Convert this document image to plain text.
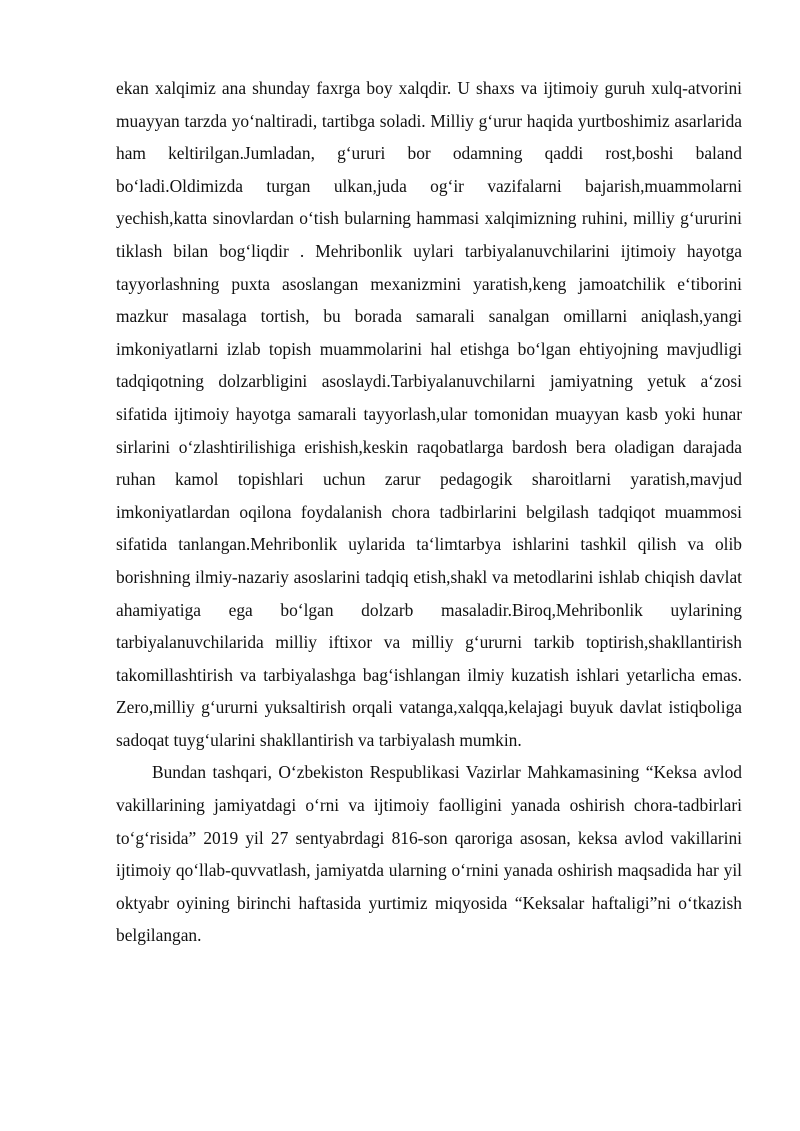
ekan xalqimiz ana shunday faxrga boy xalqdir. U shaxs va ijtimoiy guruh xulq-atvorini muayyan tarzda yo‘naltiradi, tartibga soladi. Milliy g‘urur haqida yurtboshimiz asarlarida ham keltirilgan.Jumladan, g‘ururi bor odamning qaddi rost,boshi baland bo‘ladi.Oldimizda turgan ulkan,juda og‘ir vazifalarni bajarish,muammolarni yechish,katta sinovlardan o‘tish bularning hammasi xalqimizning ruhini, milliy g‘ururini tiklash bilan bog‘liqdir . Mehribonlik uylari tarbiyalanuvchilarini ijtimoiy hayotga tayyorlashning puxta asoslangan mexanizmini yaratish,keng jamoatchilik e‘tiborini mazkur masalaga tortish, bu borada samarali sanalgan omillarni aniqlash,yangi imkoniyatlarni izlab topish muammolarini hal etishga bo‘lgan ehtiyojning mavjudligi tadqiqotning dolzarbligini asoslaydi.Tarbiyalanuvchilarni jamiyatning yetuk a‘zosi sifatida ijtimoiy hayotga samarali tayyorlash,ular tomonidan muayyan kasb yoki hunar sirlarini o‘zlashtirilishiga erishish,keskin raqobatlarga bardosh bera oladigan darajada ruhan kamol topishlari uchun zarur pedagogik sharoitlarni yaratish,mavjud imkoniyatlardan oqilona foydalanish chora tadbirlarini belgilash tadqiqot muammosi sifatida tanlangan.Mehribonlik uylarida ta‘limtarbya ishlarini tashkil qilish va olib borishning ilmiy-nazariy asoslarini tadqiq etish,shakl va metodlarini ishlab chiqish davlat ahamiyatiga ega bo‘lgan dolzarb masaladir.Biroq,Mehribonlik uylarining tarbiyalanuvchilarida milliy iftixor va milliy g‘ururni tarkib toptirish,shakllantirish takomillashtirish va tarbiyalashga bag‘ishlangan ilmiy kuzatish ishlari yetarlicha emas. Zero,milliy g‘ururni yuksaltirish orqali vatanga,xalqqa,kelajagi buyuk davlat istiqboliga sadoqat tuyg‘ularini shakllantirish va tarbiyalash mumkin.

Bundan tashqari, O‘zbekiston Respublikasi Vazirlar Mahkamasining “Keksa avlod vakillarining jamiyatdagi o‘rni va ijtimoiy faolligini yanada oshirish chora-tadbirlari to‘g‘risida” 2019 yil 27 sentyabrdagi 816-son qaroriga asosan, keksa avlod vakillarini ijtimoiy qo‘llab-quvvatlash, jamiyatda ularning o‘rnini yanada oshirish maqsadida har yil oktyabr oyining birinchi haftasida yurtimiz miqyosida “Keksalar haftaligi”ni o‘tkazish belgilangan.
